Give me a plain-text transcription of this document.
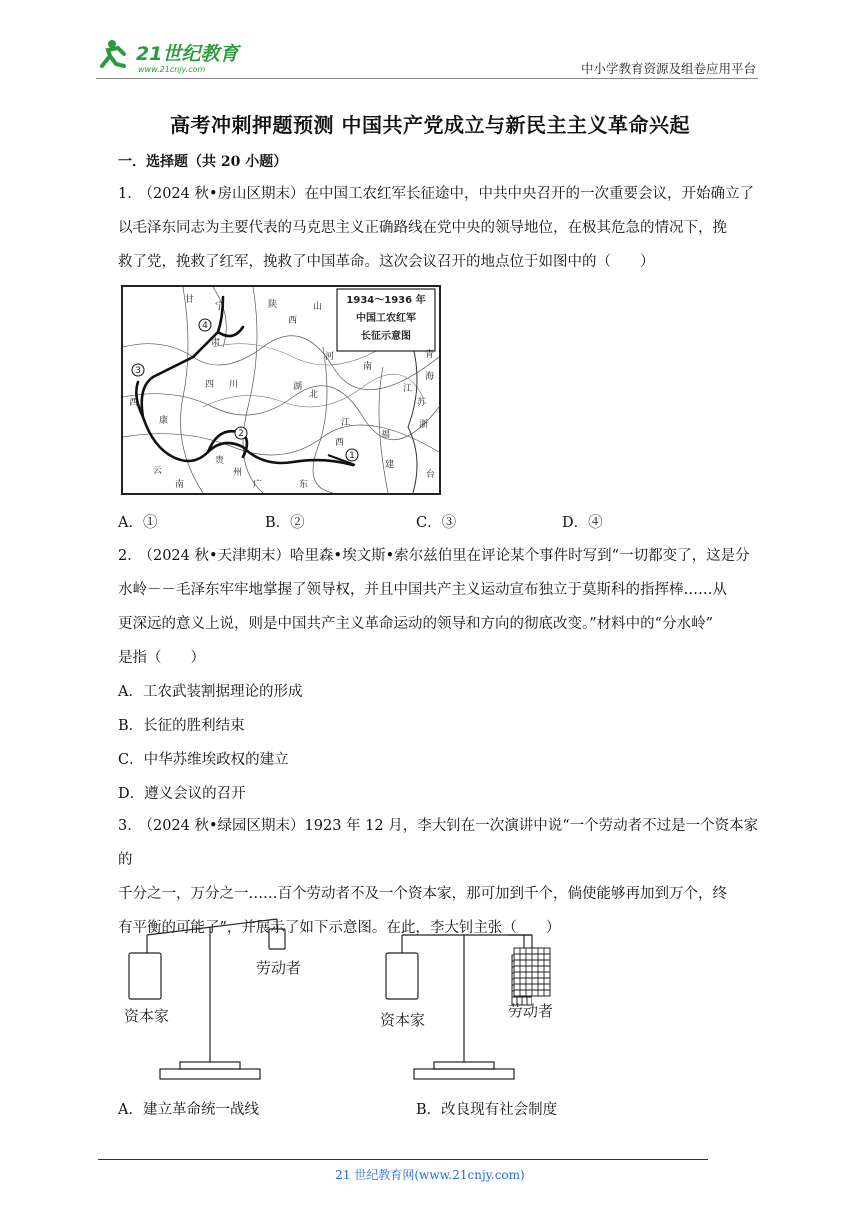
21世纪教育
www.21cnjy.com	中小学教育资源及组卷应用平台
高考冲刺押题预测 中国共产党成立与新民主主义革命兴起
一．选择题（共 20 小题）
1． （2024 秋•房山区期末）在中国工农红军长征途中，中共中央召开的一次重要会议，开始确立了
以毛泽东同志为主要代表的马克思主义正确路线在党中央的领导地位，在极其危急的情况下，挽
救了党，挽救了红军，挽救了中国革命。这次会议召开的地点位于如图中的（　　）
1934～1936 年
中国工农红军
长征示意图
1
2
3
4
甘
肃
宁	陕
西
山
河
南
四 川	湖
北
江
西
福
建
广	东
贵
州
云
南
西
康
青
海
江
苏
浙
台
A．①	B．②	C．③	D．④
2． （2024 秋•天津期末）哈里森•埃文斯•索尔兹伯里在评论某个事件时写到“一切都变了，这是分
水岭－－毛泽东牢牢地掌握了领导权，并且中国共产主义运动宣布独立于莫斯科的指挥棒……从
更深远的意义上说，则是中国共产主义革命运动的领导和方向的彻底改变。”材料中的“分水岭”
是指（　　）
A．工农武装割据理论的形成
B．长征的胜利结束
C．中华苏维埃政权的建立
D．遵义会议的召开
3． （2024 秋•绿园区期末）1923 年 12 月，李大钊在一次演讲中说“一个劳动者不过是一个资本家的
千分之一，万分之一……百个劳动者不及一个资本家，那可加到千个，倘使能够再加到万个，终
有平衡的可能了”，并展示了如下示意图。在此，李大钊主张（　　）
资本家
劳动者
资本家	劳动者
A．建立革命统一战线	B．改良现有社会制度
21 世纪教育网(www.21cnjy.com)
